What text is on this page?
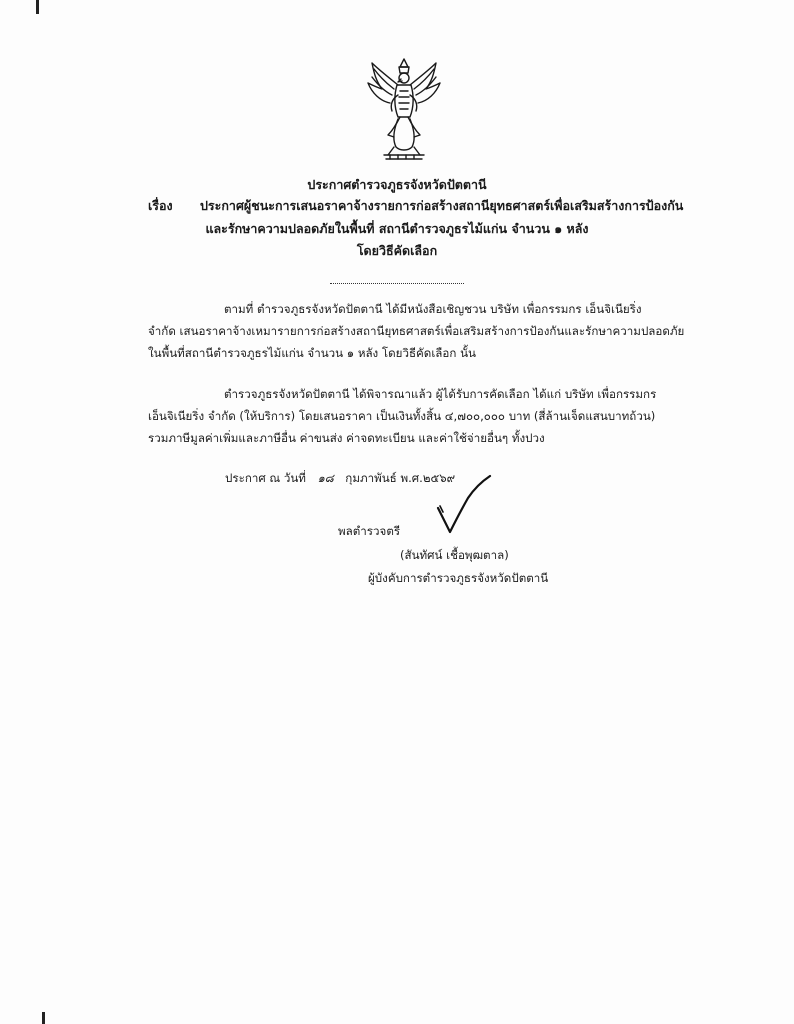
ประกาศตำรวจภูธรจังหวัดปัตตานี
เรื่อง ประกาศผู้ชนะการเสนอราคาจ้างรายการก่อสร้างสถานียุทธศาสตร์เพื่อเสริมสร้างการป้องกัน
และรักษาความปลอดภัยในพื้นที่ สถานีตำรวจภูธรไม้แก่น จำนวน ๑ หลัง
โดยวิธีคัดเลือก
ตามที่ ตำรวจภูธรจังหวัดปัตตานี ได้มีหนังสือเชิญชวน บริษัท เพื่อกรรมกร เอ็นจิเนียริ่ง
จำกัด เสนอราคาจ้างเหมารายการก่อสร้างสถานียุทธศาสตร์เพื่อเสริมสร้างการป้องกันและรักษาความปลอดภัย
ในพื้นที่สถานีตำรวจภูธรไม้แก่น จำนวน ๑ หลัง โดยวิธีคัดเลือก นั้น
ตำรวจภูธรจังหวัดปัตตานี ได้พิจารณาแล้ว ผู้ได้รับการคัดเลือก ได้แก่ บริษัท เพื่อกรรมกร
เอ็นจิเนียริ่ง จำกัด (ให้บริการ) โดยเสนอราคา เป็นเงินทั้งสิ้น ๔,๗๐๐,๐๐๐ บาท (สี่ล้านเจ็ดแสนบาทถ้วน)
รวมภาษีมูลค่าเพิ่มและภาษีอื่น ค่าขนส่ง ค่าจดทะเบียน และค่าใช้จ่ายอื่นๆ ทั้งปวง
ประกาศ ณ วันที่ ๑๘ กุมภาพันธ์ พ.ศ.๒๕๖๙
พลตำรวจตรี
(สันทัศน์ เชื้อพุฒตาล)
ผู้บังคับการตำรวจภูธรจังหวัดปัตตานี
